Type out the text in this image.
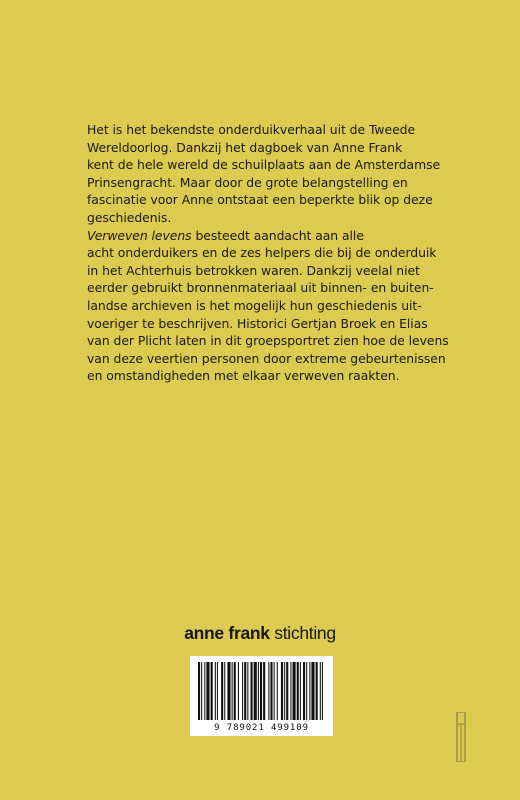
Het is het bekendste onderduikverhaal uit de Tweede
Wereldoorlog. Dankzij het dagboek van Anne Frank
kent de hele wereld de schuilplaats aan de Amsterdamse
Prinsengracht. Maar door de grote belangstelling en
fascinatie voor Anne ontstaat een beperkte blik op deze
geschiedenis.
Verweven levens besteedt aandacht aan alle
acht onderduikers en de zes helpers die bij de onderduik
in het Achterhuis betrokken waren. Dankzij veelal niet
eerder gebruikt bronnenmateriaal uit binnen- en buiten-
landse archieven is het mogelijk hun geschiedenis uit-
voeriger te beschrijven. Historici Gertjan Broek en Elias
van der Plicht laten in dit groepsportret zien hoe de levens
van deze veertien personen door extreme gebeurtenissen
en omstandigheden met elkaar verweven raakten.

anne frank stichting
9 789021 499109
